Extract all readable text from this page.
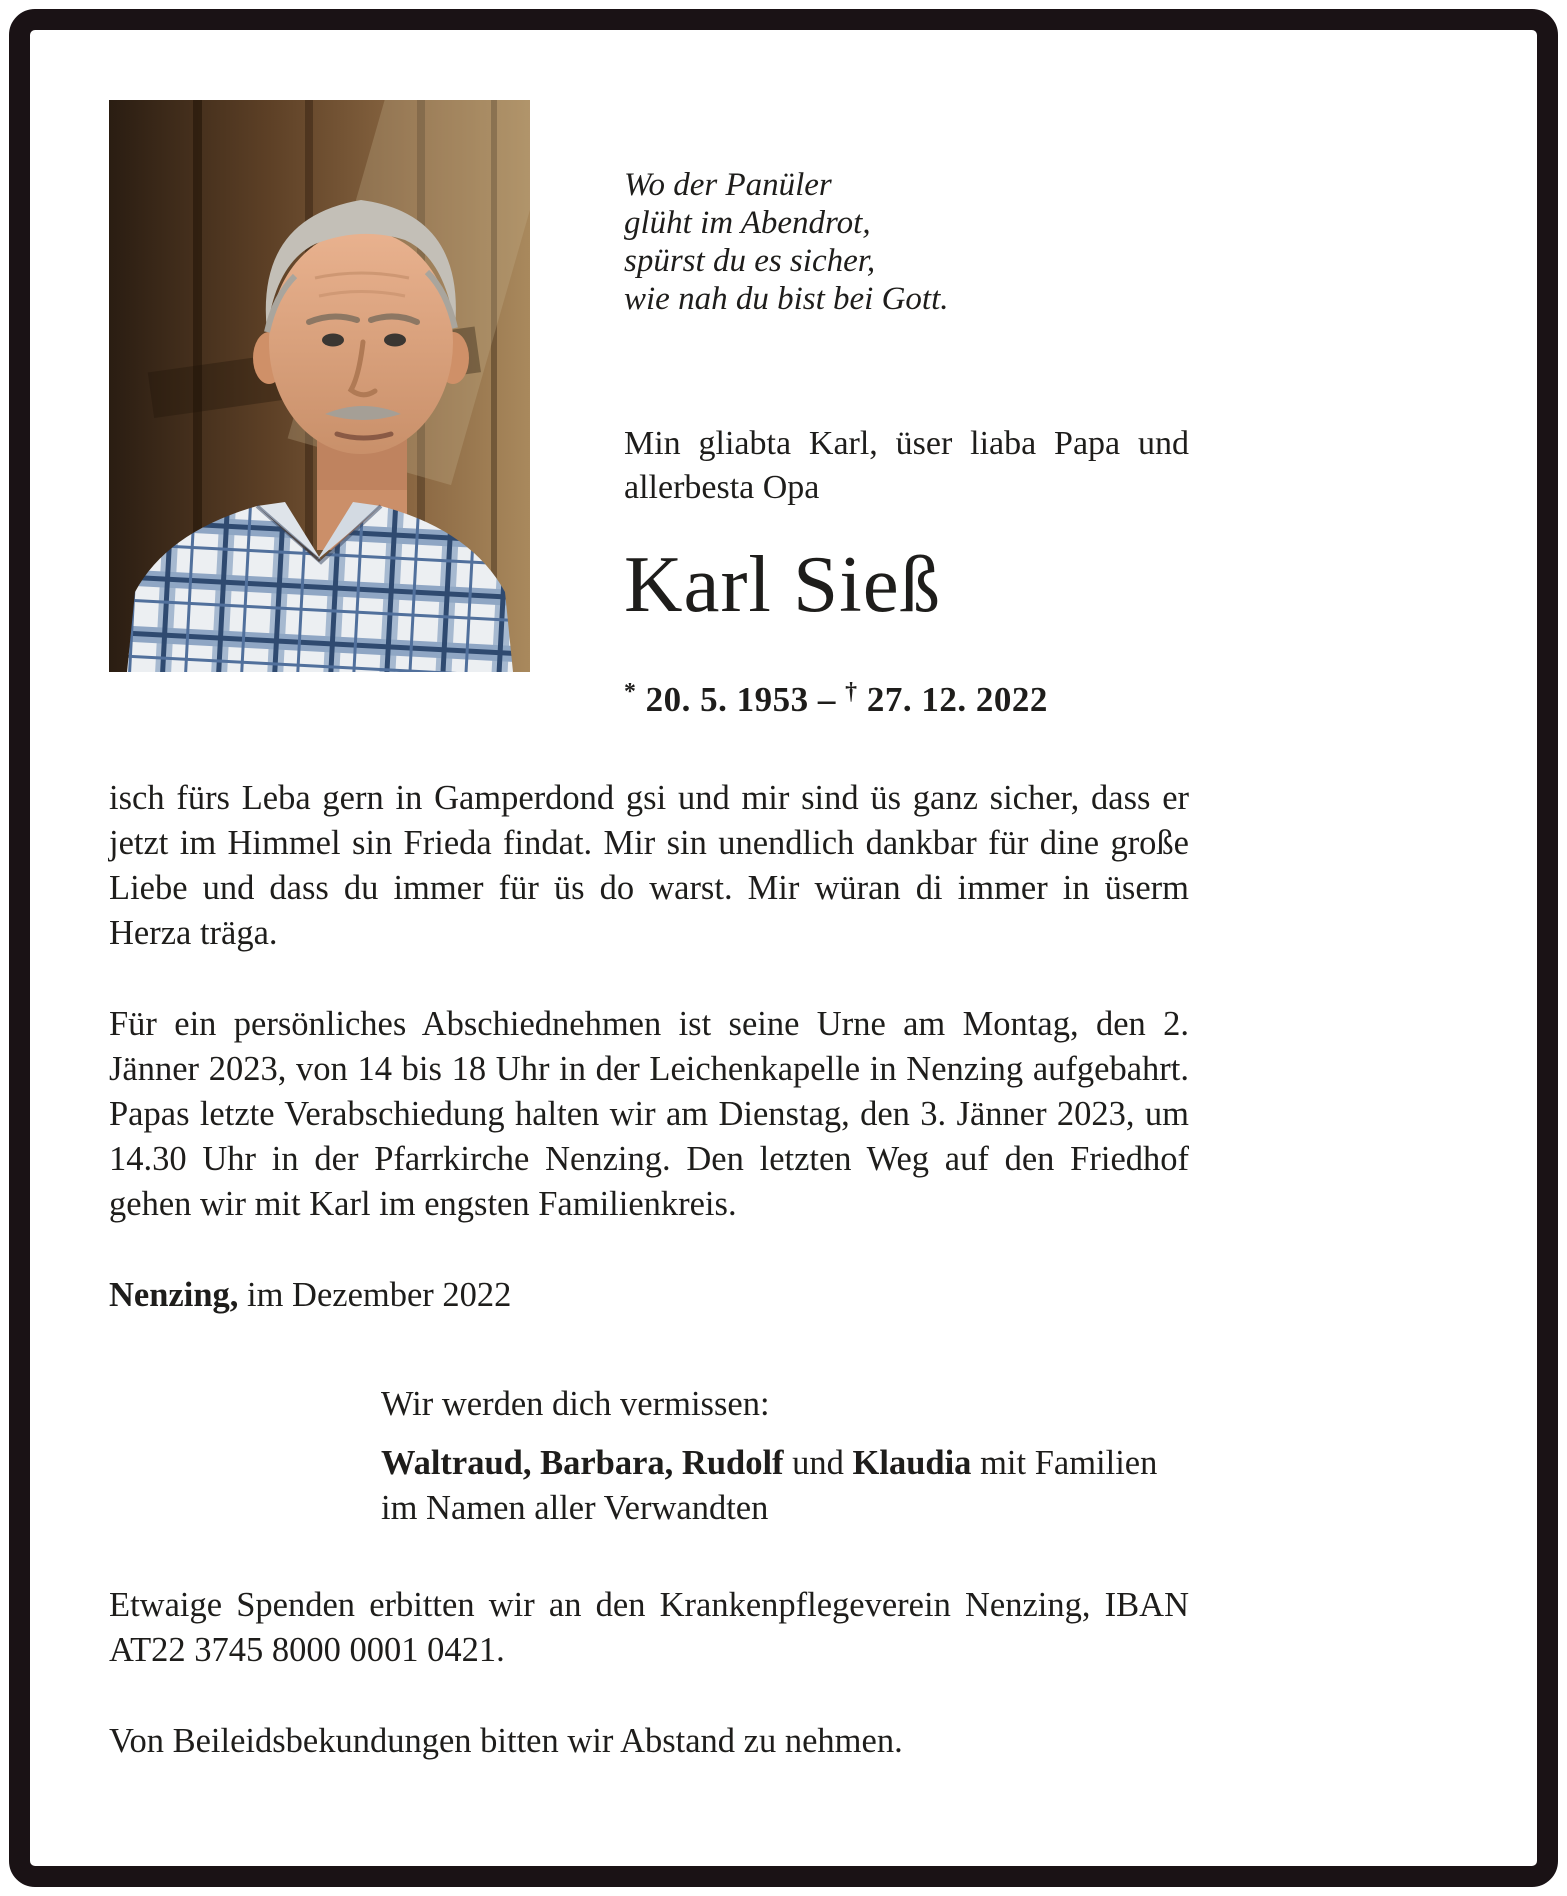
Wo der Panüler
glüht im Abendrot,
spürst du es sicher,
wie nah du bist bei Gott.

Min gliabta Karl, üser liaba Papa und allerbesta Opa

Karl Sieß
* 20. 5. 1953 – † 27. 12. 2022

isch fürs Leba gern in Gamperdond gsi und mir sind üs ganz sicher, dass er jetzt im Himmel sin Frieda findat. Mir sin unendlich dankbar für dine große Liebe und dass du immer für üs do warst. Mir würan di immer in üserm Herza träga.

Für ein persönliches Abschiednehmen ist seine Urne am Montag, den 2. Jänner 2023, von 14 bis 18 Uhr in der Leichenkapelle in Nenzing aufgebahrt. Papas letzte Verabschiedung halten wir am Dienstag, den 3. Jänner 2023, um 14.30 Uhr in der Pfarrkirche Nenzing. Den letzten Weg auf den Friedhof gehen wir mit Karl im engsten Familienkreis.

Nenzing, im Dezember 2022

Wir werden dich vermissen:
Waltraud, Barbara, Rudolf und Klaudia mit Familien
im Namen aller Verwandten

Etwaige Spenden erbitten wir an den Krankenpflegeverein Nenzing, IBAN AT22 3745 8000 0001 0421.

Von Beileidsbekundungen bitten wir Abstand zu nehmen.
